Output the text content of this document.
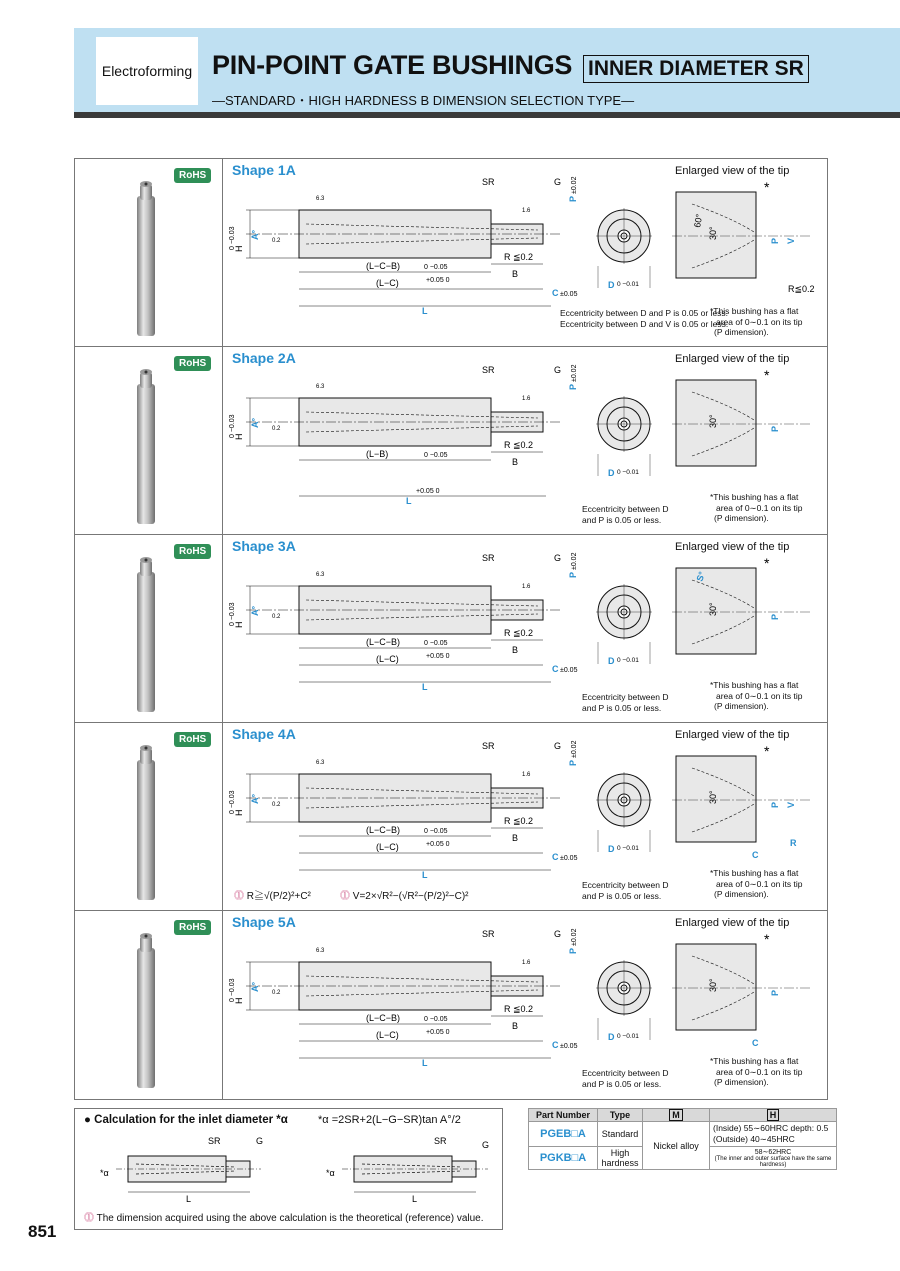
Electroforming PIN-POINT GATE BUSHINGS INNER DIAMETER SR
—STANDARD・HIGH HARDNESS B DIMENSION SELECTION TYPE—
RoHS	Shape 1A	Enlarged view of the tip
H
0 −0.03 A°
6.3
0.2
1.6
SR	G
R ≦0.2
B
(L−C−B)	0 −0.05
(L−C)	+0.05 0
C ±0.05
L
P
±0.02
D 0 −0.01
30°
*
P V
R≦0.2
60°
Eccentricity between D and P is 0.05 or less.
Eccentricity between D and V is 0.05 or less.
*This bushing has a flat
area of 0∼0.1 on its tip
(P dimension).
RoHS	Shape 2A	Enlarged view of the tip
H
0 −0.03 A°
6.3
0.2
1.6
SR	G
R ≦0.2
B
(L−B)	0 −0.05
L
+0.05 0
P
±0.02
D 0 −0.01
30°
*
P
Eccentricity between D
and P is 0.05 or less.
*This bushing has a flat
area of 0∼0.1 on its tip
(P dimension).
RoHS	Shape 3A	Enlarged view of the tip
H
0 −0.03 A°
6.3
0.2
1.6
SR	G
R ≦0.2
B
(L−C−B)	0 −0.05
(L−C)	+0.05 0
C ±0.05
L
P
±0.02
D 0 −0.01
30°
*
P
S°
Eccentricity between D
and P is 0.05 or less.
*This bushing has a flat
area of 0∼0.1 on its tip
(P dimension).
RoHS	Shape 4A	Enlarged view of the tip
H
0 −0.03 A°
6.3
0.2
1.6
SR	G
R ≦0.2
B
(L−C−B)	0 −0.05
(L−C)	+0.05 0
C ±0.05
L
P
±0.02
D 0 −0.01
30°
*
P V
R
C
Eccentricity between D
and P is 0.05 or less.
*This bushing has a flat
area of 0∼0.1 on its tip
(P dimension).
⓵ R≧√(P/2)²+C²	⓵ V=2×√R²−(√R²−(P/2)²−C)²
RoHS	Shape 5A	Enlarged view of the tip
H
0 −0.03 A°
6.3
0.2
1.6
SR	G
R ≦0.2
B
(L−C−B)	0 −0.05
(L−C)	+0.05 0
C ±0.05
L
P
±0.02
D 0 −0.01
30°
*
P
C
Eccentricity between D
and P is 0.05 or less.
*This bushing has a flat
area of 0∼0.1 on its tip
(P dimension).
● Calculation for the inlet diameter *α	*α =2SR+2(L−G−SR)tan A°/2
SR	G
L
*α
SR	G
L
*α
⓵ The dimension acquired using the above calculation is the theoretical (reference) value.
Part Number	Type	M	H
PGEB□A	Standard	Nickel alloy	(Inside) 55∼60HRC depth: 0.5
(Outside) 40∼45HRC

PGKB□A	High hardness		58∼62HRC
(The inner and outer surface have the same hardness)
851
